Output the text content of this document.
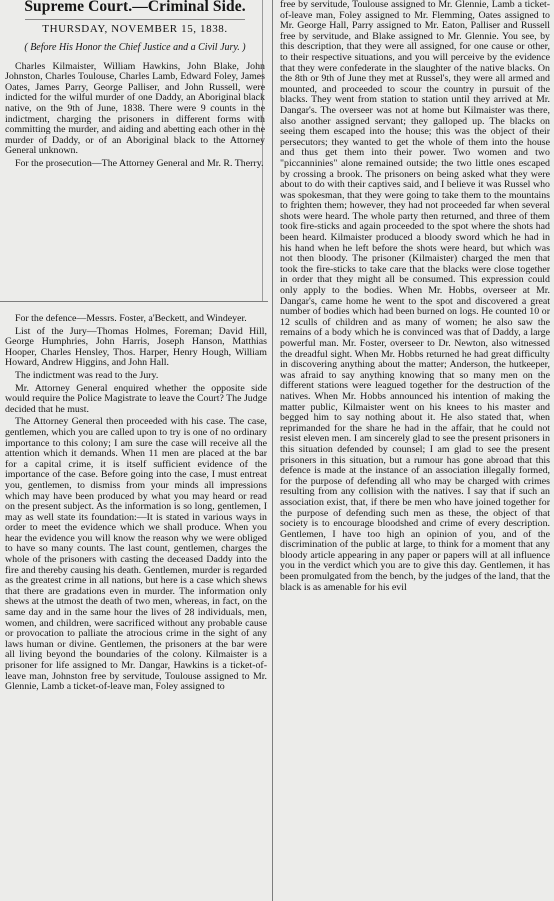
Supreme Court.—Criminal Side.
THURSDAY, NOVEMBER 15, 1838.
( Before His Honor the Chief Justice and a Civil Jury. )

Charles Kilmaister, William Hawkins, John Blake, John Johnston, Charles Toulouse, Charles Lamb, Edward Foley, James Oates, James Parry, George Palliser, and John Russell, were indicted for the wilful murder of one Daddy, an Aboriginal black native, on the 9th of June, 1838. There were 9 counts in the indictment, charging the prisoners in different forms with committing the murder, and aiding and abetting each other in the murder of Daddy, or of an Aboriginal black to the Attorney General unknown.

For the prosecution—The Attorney General and Mr. R. Therry.

For the defence—Messrs. Foster, a'Beckett, and Windeyer.

List of the Jury—Thomas Holmes, Foreman; David Hill, George Humphries, John Harris, Joseph Hanson, Matthias Hooper, Charles Hensley, Thos. Harper, Henry Hough, William Howard, Andrew Higgins, and John Hall.

The indictment was read to the Jury.

Mr. Attorney General enquired whether the opposite side would require the Police Magistrate to leave the Court? The Judge decided that he must.

The Attorney General then proceeded with his case. The case, gentlemen, which you are called upon to try is one of no ordinary importance to this colony; I am sure the case will receive all the attention which it demands. When 11 men are placed at the bar for a capital crime, it is itself sufficient evidence of the importance of the case. Before going into the case, I must entreat you, gentlemen, to dismiss from your minds all impressions which may have been produced by what you may heard or read on the present subject. As the information is so long, gentlemen, I may as well state its foundation:—It is stated in various ways in order to meet the evidence which we shall produce. When you hear the evidence you will know the reason why we were obliged to have so many counts. The last count, gentlemen, charges the whole of the prisoners with casting the deceased Daddy into the fire and thereby causing his death. Gentlemen, murder is regarded as the greatest crime in all nations, but here is a case which shews that there are gradations even in murder. The information only shews at the utmost the death of two men, whereas, in fact, on the same day and in the same hour the lives of 28 individuals, men, women, and children, were sacrificed without any probable cause or provocation to palliate the atrocious crime in the sight of any laws human or divine. Gentlemen, the prisoners at the bar were all living beyond the boundaries of the colony. Kilmaister is a prisoner for life assigned to Mr. Dangar, Hawkins is a ticket-of-leave man, Johnston free by servitude, Toulouse assigned to Mr. Glennie, Lamb a ticket-of-leave man, Foley assigned to

free by servitude, Toulouse assigned to Mr. Glennie, Lamb a ticket-of-leave man, Foley assigned to Mr. Flemming, Oates assigned to Mr. George Hall, Parry assigned to Mr. Eaton, Palliser and Russell free by servitude, and Blake assigned to Mr. Glennie. You see, by this description, that they were all assigned, for one cause or other, to their respective situations, and you will perceive by the evidence that they were confederate in the slaughter of the native blacks. On the 8th or 9th of June they met at Russel's, they were all armed and mounted, and proceeded to scour the country in pursuit of the blacks. They went from station to station until they arrived at Mr. Dangar's. The overseer was not at home but Kilmaister was there, also another assigned servant; they galloped up. The blacks on seeing them escaped into the house; this was the object of their persecutors; they wanted to get the whole of them into the house and thus get them into their power. Two women and two "piccanninies" alone remained outside; the two little ones escaped by crossing a brook. The prisoners on being asked what they were about to do with their captives said, and I believe it was Russel who was spokesman, that they were going to take them to the mountains to frighten them; however, they had not proceeded far when several shots were heard. The whole party then returned, and three of them took fire-sticks and again proceeded to the spot where the shots had been heard. Kilmaister produced a bloody sword which he had in his hand when he left before the shots were heard, but which was not then bloody. The prisoner (Kilmaister) charged the men that took the fire-sticks to take care that the blacks were close together in order that they might all be consumed. This expression could only apply to the bodies. When Mr. Hobbs, overseer at Mr. Dangar's, came home he went to the spot and discovered a great number of bodies which had been burned on logs. He counted 10 or 12 sculls of children and as many of women; he also saw the remains of a body which he is convinced was that of Daddy, a large powerful man. Mr. Foster, overseer to Dr. Newton, also witnessed the dreadful sight. When Mr. Hobbs returned he had great difficulty in discovering anything about the matter; Anderson, the hutkeeper, was afraid to say anything knowing that so many men on the different stations were leagued together for the destruction of the natives. When Mr. Hobbs announced his intention of making the matter public, Kilmaister went on his knees to his master and begged him to say nothing about it. He also stated that, when reprimanded for the share he had in the affair, that he could not resist eleven men. I am sincerely glad to see the present prisoners in this situation defended by counsel; I am glad to see the present prisoners in this situation, but a rumour has gone abroad that this defence is made at the instance of an association illegally formed, for the purpose of defending all who may be charged with crimes resulting from any collision with the natives. I say that if such an association exist, that, if there be men who have joined together for the purpose of defending such men as these, the object of that society is to encourage bloodshed and crime of every description. Gentlemen, I have too high an opinion of you, and of the discrimination of the public at large, to think for a moment that any bloody article appearing in any paper or papers will at all influence you in the verdict which you are to give this day. Gentlemen, it has been promulgated from the bench, by the judges of the land, that the black is as amenable for his evil
